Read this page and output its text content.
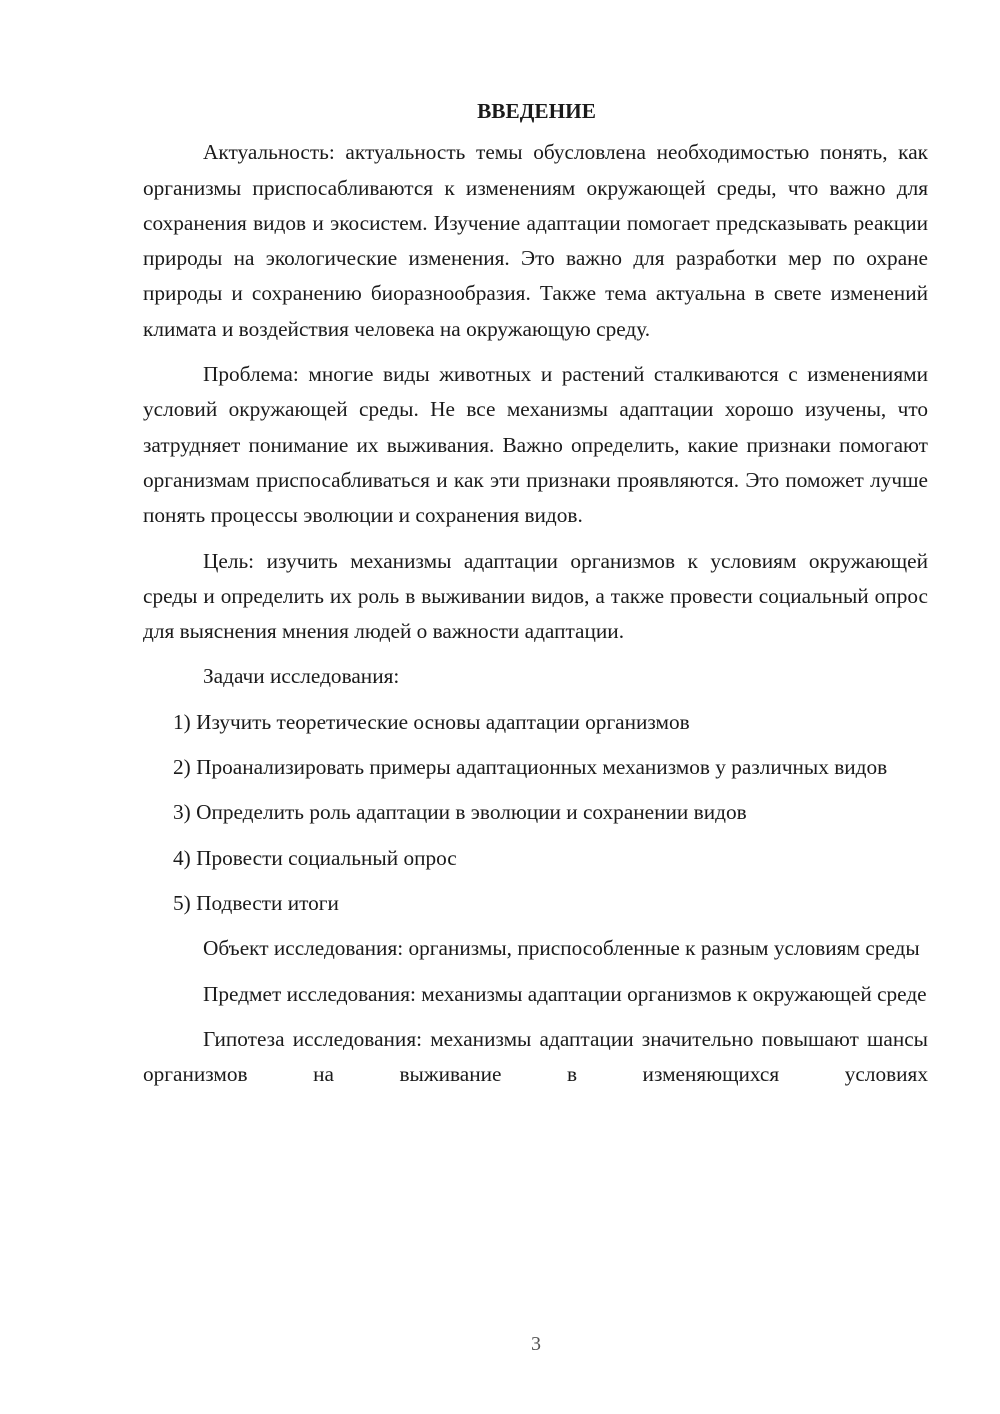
ВВЕДЕНИЕ

Актуальность: актуальность темы обусловлена необходимостью понять, как организмы приспосабливаются к изменениям окружающей среды, что важно для сохранения видов и экосистем. Изучение адаптации помогает предсказывать реакции природы на экологические изменения. Это важно для разработки мер по охране природы и сохранению биоразнообразия. Также тема актуальна в свете изменений климата и воздействия человека на окружающую среду.

Проблема: многие виды животных и растений сталкиваются с изменениями условий окружающей среды. Не все механизмы адаптации хорошо изучены, что затрудняет понимание их выживания. Важно определить, какие признаки помогают организмам приспосабливаться и как эти признаки проявляются. Это поможет лучше понять процессы эволюции и сохранения видов.

Цель: изучить механизмы адаптации организмов к условиям окружающей среды и определить их роль в выживании видов, а также провести социальный опрос для выяснения мнения людей о важности адаптации.

Задачи исследования:

1) Изучить теоретические основы адаптации организмов

2) Проанализировать примеры адаптационных механизмов у различных видов

3) Определить роль адаптации в эволюции и сохранении видов

4) Провести социальный опрос

5) Подвести итоги

Объект исследования: организмы, приспособленные к разным условиям среды

Предмет исследования: механизмы адаптации организмов к окружающей среде

Гипотеза исследования: механизмы адаптации значительно повышают шансы организмов на выживание в изменяющихся условиях

3
